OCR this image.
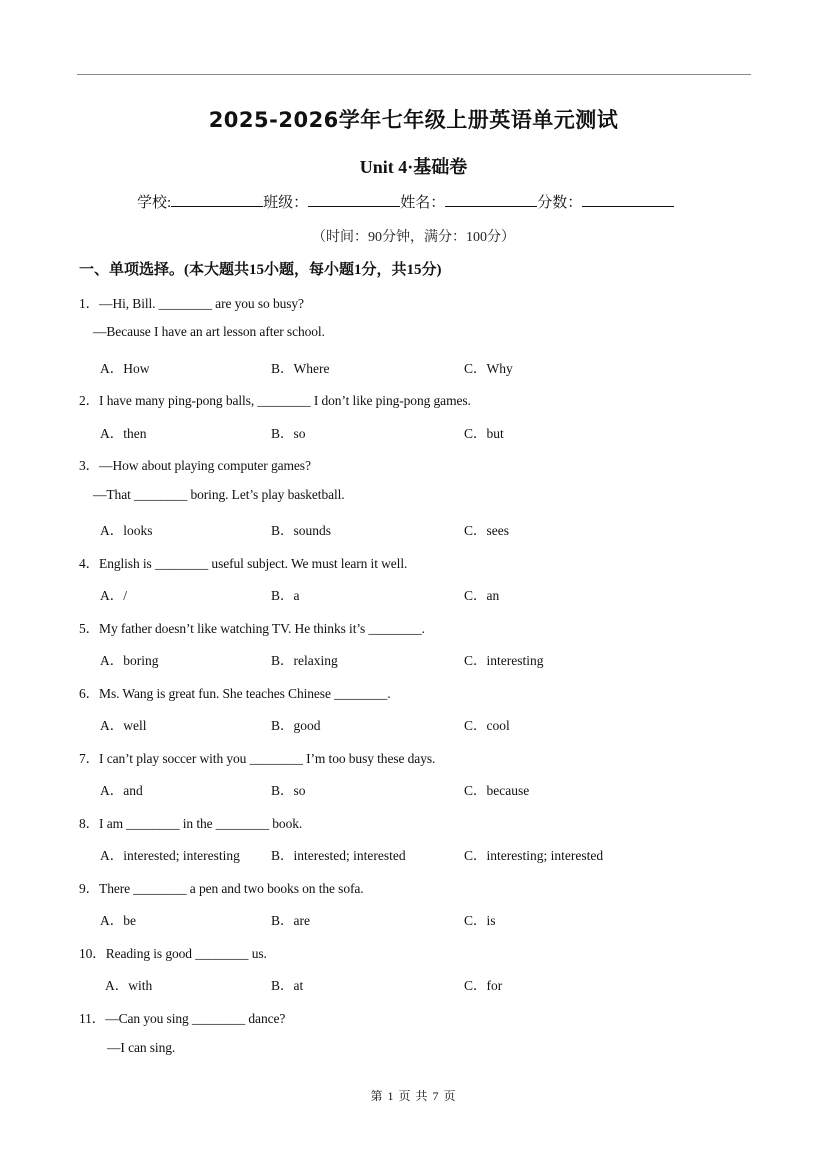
2025-2026学年七年级上册英语单元测试
Unit 4·基础卷
学校:	班级：	姓名：	分数：
（时间：90分钟，满分：100分）
一、单项选择。(本大题共15小题，每小题1分，共15分)
1．—Hi, Bill. ________ are you so busy?
—Because I have an art lesson after school.
A．How	B．Where	C．Why
2．I have many ping-pong balls, ________ I don’t like ping-pong games.
A．then	B．so	C．but
3．—How about playing computer games?
—That ________ boring. Let’s play basketball.
A．looks	B．sounds	C．sees
4．English is ________ useful subject. We must learn it well.
A．/	B．a	C．an
5．My father doesn’t like watching TV. He thinks it’s ________.
A．boring	B．relaxing	C．interesting
6．Ms. Wang is great fun. She teaches Chinese ________.
A．well	B．good	C．cool
7．I can’t play soccer with you ________ I’m too busy these days.
A．and	B．so	C．because
8．I am ________ in the ________ book.
A．interested; interesting B．interested; interested	C．interesting; interested
9．There ________ a pen and two books on the sofa.
A．be	B．are	C．is
10．Reading is good ________ us.
A．with	B．at	C．for
11．—Can you sing ________ dance?
—I can sing.
第 1 页 共 7 页
